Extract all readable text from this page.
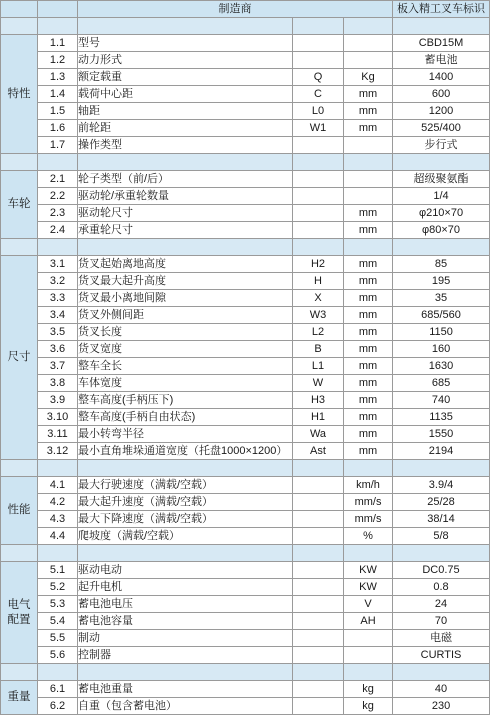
		制造商			板入精工叉车标识

特性	1.1	型号			CBD15M
	1.2	动力形式			蓄电池
	1.3	额定载重	Q	Kg	1400
	1.4	载荷中心距	C	mm	600
	1.5	轴距	L0	mm	1200
	1.6	前轮距	W1	mm	525/400
	1.7	操作类型			步行式

车轮	2.1	轮子类型（前/后）			超级聚氨酯
	2.2	驱动轮/承重轮数量			1/4
	2.3	驱动轮尺寸		mm	φ210×70
	2.4	承重轮尺寸		mm	φ80×70

尺寸	3.1	货叉起始离地高度	H2	mm	85
	3.2	货叉最大起升高度	H	mm	195
	3.3	货叉最小离地间隙	X	mm	35
	3.4	货叉外侧间距	W3	mm	685/560
	3.5	货叉长度	L2	mm	1150
	3.6	货叉宽度	B	mm	160
	3.7	整车全长	L1	mm	1630
	3.8	车体宽度	W	mm	685
	3.9	整车高度(手柄压下)	H3	mm	740
	3.10	整车高度(手柄自由状态)	H1	mm	1135
	3.11	最小转弯半径	Wa	mm	1550
	3.12	最小直角堆垛通道宽度（托盘1000×1200）	Ast	mm	2194

性能	4.1	最大行驶速度（满载/空载）		km/h	3.9/4
	4.2	最大起升速度（满载/空载）		mm/s	25/28
	4.3	最大下降速度（满载/空载）		mm/s	38/14
	4.4	爬坡度（满载/空载）		%	5/8

电气配置	5.1	驱动电动		KW	DC0.75
	5.2	起升电机		KW	0.8
	5.3	蓄电池电压		V	24
	5.4	蓄电池容量		AH	70
	5.5	制动			电磁
	5.6	控制器			CURTIS

重量	6.1	蓄电池重量		kg	40
	6.2	自重（包含蓄电池）		kg	230
